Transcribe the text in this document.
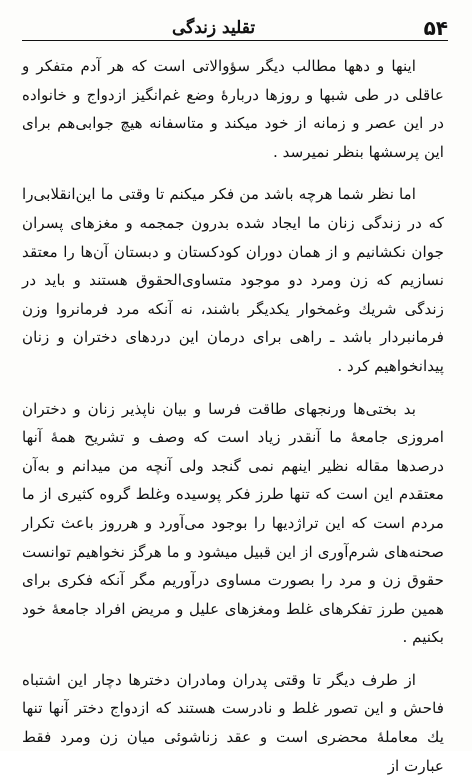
۵۴
تقلید زندگی

اینها و دهها مطالب دیگر سؤوالاتی است که هر آدم متفکر و عاقلی در طی شبها و روزها دربارهٔ وضع غم‌انگیز ازدواج و خانواده در این عصر و زمانه از خود میکند و متاسفانه هیچ جوابی‌هم برای این پرسشها بنظر نمیرسد .

اما نظر شما هرچه باشد من فکر میکنم تا وقتی ما این‌انقلابی‌را که در زندگی زنان ما ایجاد شده بدرون جمجمه و مغزهای پسران جوان نکشانیم و از همان دوران کودکستان و دبستان آن‌ها را معتقد نسازیم که زن ومرد دو موجود متساوی‌الحقوق هستند و باید در زندگی شریك وغمخوار یکدیگر باشند، نه آنکه مرد فرمانروا وزن فرمانبردار باشد ـ راهی برای درمان این دردهای دختران و زنان پیدانخواهیم کرد .

بد بختی‌ها ورنجهای طاقت فرسا و بیان ناپذیر زنان و دختران امروزی جامعهٔ ما آنقدر زیاد است که وصف و تشریح همهٔ آنها درصدها مقاله نظیر اینهم نمی گنجد ولی آنچه من میدانم و به‌آن معتقدم این است که تنها طرز فکر پوسیده وغلط گروه کثیری از ما مردم است که این تراژدیها را بوجود می‌آورد و هرروز باعث تکرار صحنه‌های شرم‌آوری از این قبیل میشود و ما هرگز نخواهیم توانست حقوق زن و مرد را بصورت مساوی درآوریم مگر آنکه فکری برای همین طرز تفکرهای غلط ومغزهای علیل و مریض افراد جامعهٔ خود بکنیم .

از طرف دیگر تا وقتی پدران ومادران دخترها دچار این اشتباه فاحش و این تصور غلط و نادرست هستند که ازدواج دختر آنها تنها یك معاملهٔ محضری است و عقد زناشوئی میان زن ومرد فقط عبارت از
